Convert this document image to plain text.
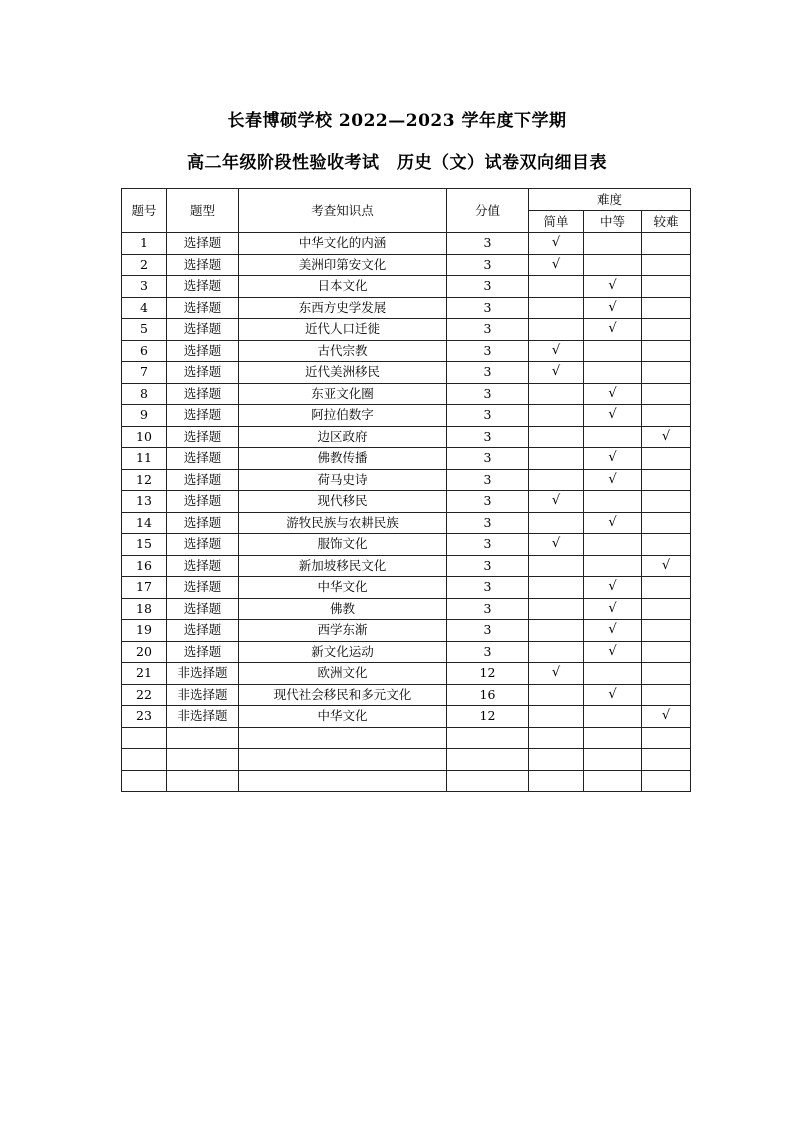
长春博硕学校 2022—2023 学年度下学期
高二年级阶段性验收考试　历史（文）试卷双向细目表
题号	题型	考查知识点	分值	难度		
				简单	中等	较难
1	选择题	中华文化的内涵	3	√		
2	选择题	美洲印第安文化	3	√		
3	选择题	日本文化	3		√	
4	选择题	东西方史学发展	3		√	
5	选择题	近代人口迁徙	3		√	
6	选择题	古代宗教	3	√		
7	选择题	近代美洲移民	3	√		
8	选择题	东亚文化圈	3		√	
9	选择题	阿拉伯数字	3		√	
10	选择题	边区政府	3			√
11	选择题	佛教传播	3		√	
12	选择题	荷马史诗	3		√	
13	选择题	现代移民	3	√		
14	选择题	游牧民族与农耕民族	3		√	
15	选择题	服饰文化	3	√		
16	选择题	新加坡移民文化	3			√
17	选择题	中华文化	3		√	
18	选择题	佛教	3		√	
19	选择题	西学东渐	3		√	
20	选择题	新文化运动	3		√	
21	非选择题	欧洲文化	12	√		
22	非选择题	现代社会移民和多元文化	16		√	
23	非选择题	中华文化	12			√
